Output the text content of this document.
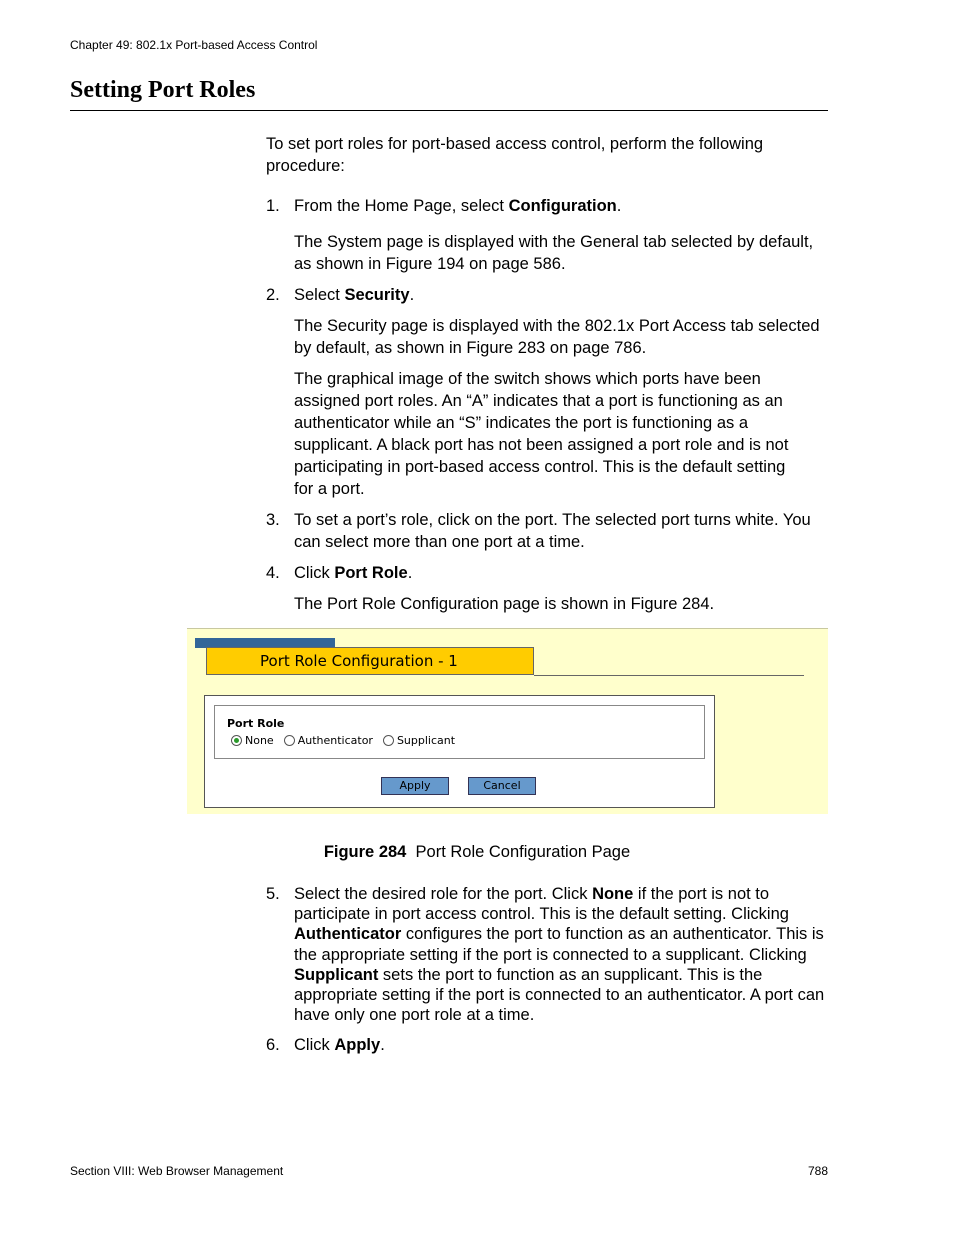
Chapter 49: 802.1x Port-based Access Control
Setting Port Roles
To set port roles for port-based access control, perform the following procedure:
1. From the Home Page, select Configuration.
The System page is displayed with the General tab selected by default, as shown in Figure 194 on page 586.
2. Select Security.
The Security page is displayed with the 802.1x Port Access tab selected by default, as shown in Figure 283 on page 786.
The graphical image of the switch shows which ports have been assigned port roles. An “A” indicates that a port is functioning as an authenticator while an “S” indicates the port is functioning as a supplicant. A black port has not been assigned a port role and is not participating in port-based access control. This is the default setting for a port.
3. To set a port’s role, click on the port. The selected port turns white. You can select more than one port at a time.
4. Click Port Role.
The Port Role Configuration page is shown in Figure 284.
Port Role Configuration - 1
Port Role
None Authenticator Supplicant
Apply	Cancel
Figure 284 Port Role Configuration Page
5. Select the desired role for the port. Click None if the port is not to participate in port access control. This is the default setting. Clicking Authenticator configures the port to function as an authenticator. This is the appropriate setting if the port is connected to a supplicant. Clicking Supplicant sets the port to function as an supplicant. This is the appropriate setting if the port is connected to an authenticator. A port can have only one port role at a time.
6. Click Apply.
Section VIII: Web Browser Management	788
